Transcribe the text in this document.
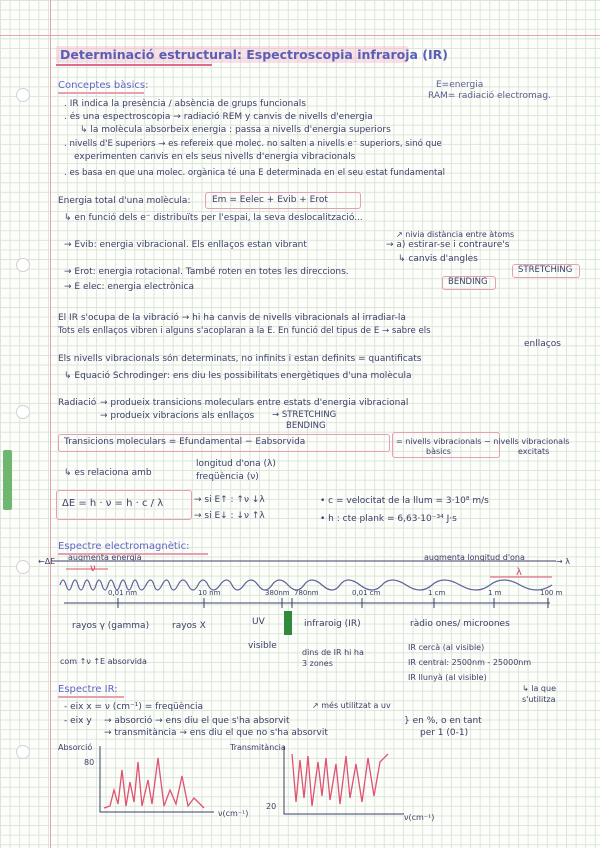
Determinació estructural: Espectroscopia infraroja (IR)
E=energia
RAM= radiació electromag.
Conceptes bàsics:
. IR indica la presència / absència de grups funcionals
. és una espectroscopia → radiació REM y canvis de nivells d'energia
↳ la molècula absorbeix energia : passa a nivells d'energia superiors
. nivells d'E superiors → es refereix que molec. no salten a nivells e⁻ superiors, sinó que
experimenten canvis en els seus nivells d'energia vibracionals
. es basa en que una molec. orgànica té una E determinada en el seu estat fundamental
Energia total d'una molècula: Em = Eelec + Evib + Erot
↳ en funció dels e⁻ distribuïts per l'espai, la seva deslocalització...
↗ nivia distància entre àtoms
→ Evib: energia vibracional. Els enllaços estan vibrant	→ a) estirar-se i contraure's
↳ canvis d'angles
STRETCHING
BENDING
→ Erot: energia rotacional. També roten en totes les direccions.
→ E elec: energia electrònica
El IR s'ocupa de la vibració → hi ha canvis de nivells vibracionals al irradiar-la
Tots els enllaços vibren i alguns s'acoplaran a la E. En funció del tipus de E → sabre els
enllaços
Els nivells vibracionals són determinats, no infinits i estan definits = quantificats
↳ Equació Schrodinger: ens diu les possibilitats energètiques d'una molècula
Radiació → produeix transicions moleculars entre estats d'energia vibracional
→ produeix vibracions als enllaços → STRETCHING
BENDING
Transicions moleculars = Efundamental − Eabsorvida	= nivells vibracionals − nivells vibracionals
bàsics	excitats
↳ es relaciona amb
longitud d'ona (λ)
freqüència (ν)
ΔE = h · ν = h · c / λ	→ si E↑ : ↑ν ↓λ
→ si E↓ : ↓ν ↑λ
• c = velocitat de la llum = 3·10⁸ m/s
• h : cte plank = 6,63·10⁻³⁴ J·s
Espectre electromagnètic:
←ΔE augmenta energia	augmenta longitud d'ona	→ λ
ν	λ
0,01 nm	10 nm	380nm 780nm	0,01 cm	1 cm	1 m	100 m
rayos γ (gamma)	rayos X	UV	infraroig (IR)	ràdio ones/ microones
visible
com ↑ν ↑E absorvida
dins de IR hi ha 3 zones
IR cercà (al visible)
IR central: 2500nm - 25000nm
IR llunyà (al visible)
↳ la que s'utilitza
Espectre IR:
- eix x = ν (cm⁻¹) = freqüència	↗ més utilitzat a uv
- eix y → absorció → ens diu el que s'ha absorvit
→ transmitància → ens diu el que no s'ha absorvit
} en %, o en tant
per 1 (0-1)
Absorció
80
ν(cm⁻¹)
Transmitància
20
ν(cm⁻¹)
